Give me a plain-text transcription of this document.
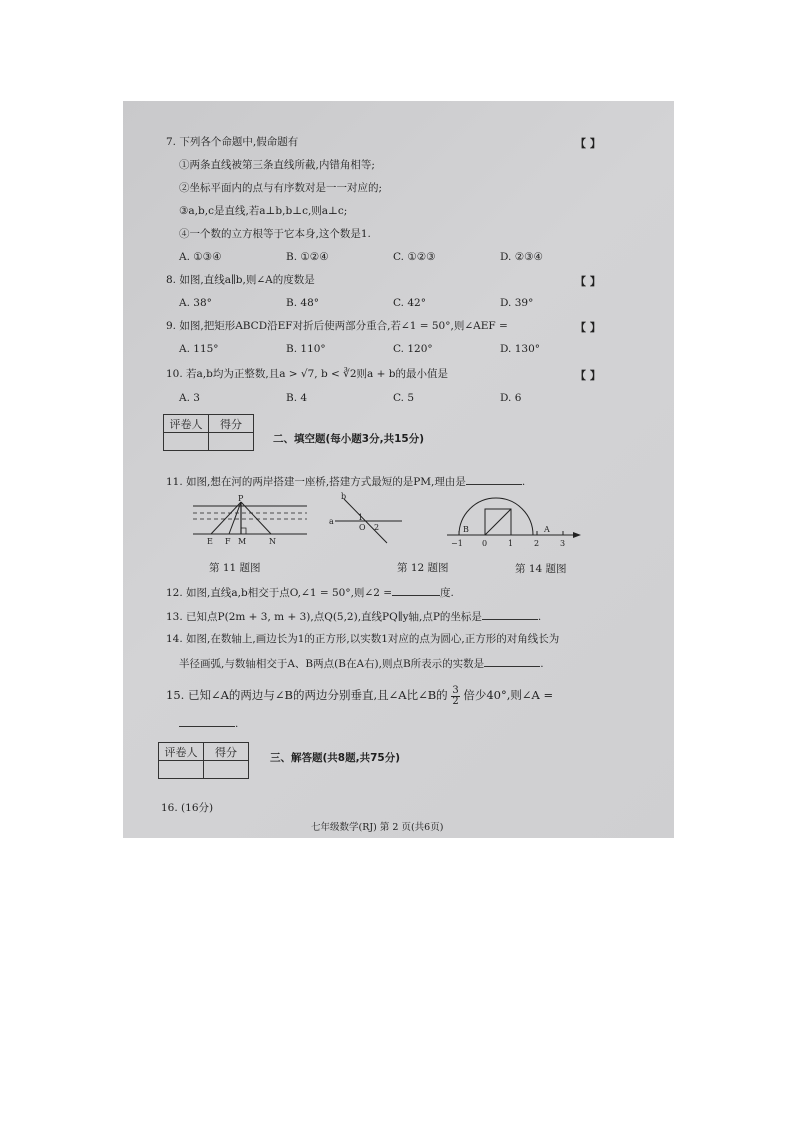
7. 下列各个命题中,假命题有	【 】
①两条直线被第三条直线所截,内错角相等;
②坐标平面内的点与有序数对是一一对应的;
③a,b,c是直线,若a⊥b,b⊥c,则a⊥c;
④一个数的立方根等于它本身,这个数是1.
A. ①③④	B. ①②④	C. ①②③	D. ②③④
8. 如图,直线a∥b,则∠A的度数是	【 】
A. 38°	B. 48°	C. 42°	D. 39°
9. 如图,把矩形ABCD沿EF对折后使两部分重合,若∠1 = 50°,则∠AEF =	【 】
A. 115°	B. 110°	C. 120°	D. 130°
10. 若a,b均为正整数,且a > √7, b < ∛2则a + b的最小值是	【 】
A. 3	B. 4	C. 5	D. 6
评卷人	得分

二、填空题(每小题3分,共15分)
11. 如图,想在河的两岸搭建一座桥,搭建方式最短的是PM,理由是	.
P
E F M	N
第 11 题图
b
a	1
O 2
第 12 题图
B	A
−1 0	1	2	3
第 14 题图
12. 如图,直线a,b相交于点O,∠1 = 50°,则∠2 =	度.
13. 已知点P(2m + 3, m + 3),点Q(5,2),直线PQ∥y轴,点P的坐标是	.
14. 如图,在数轴上,画边长为1的正方形,以实数1对应的点为圆心,正方形的对角线长为
半径画弧,与数轴相交于A、B两点(B在A右),则点B所表示的实数是	.
15. 已知∠A的两边与∠B的两边分别垂直,且∠A比∠B的 $\frac{3}{2}$ 倍少40°,则∠A =
.
评卷人	得分
		三、解答题(共8题,共75分)
16. (16分)
七年级数学(RJ) 第 2 页(共6页)
